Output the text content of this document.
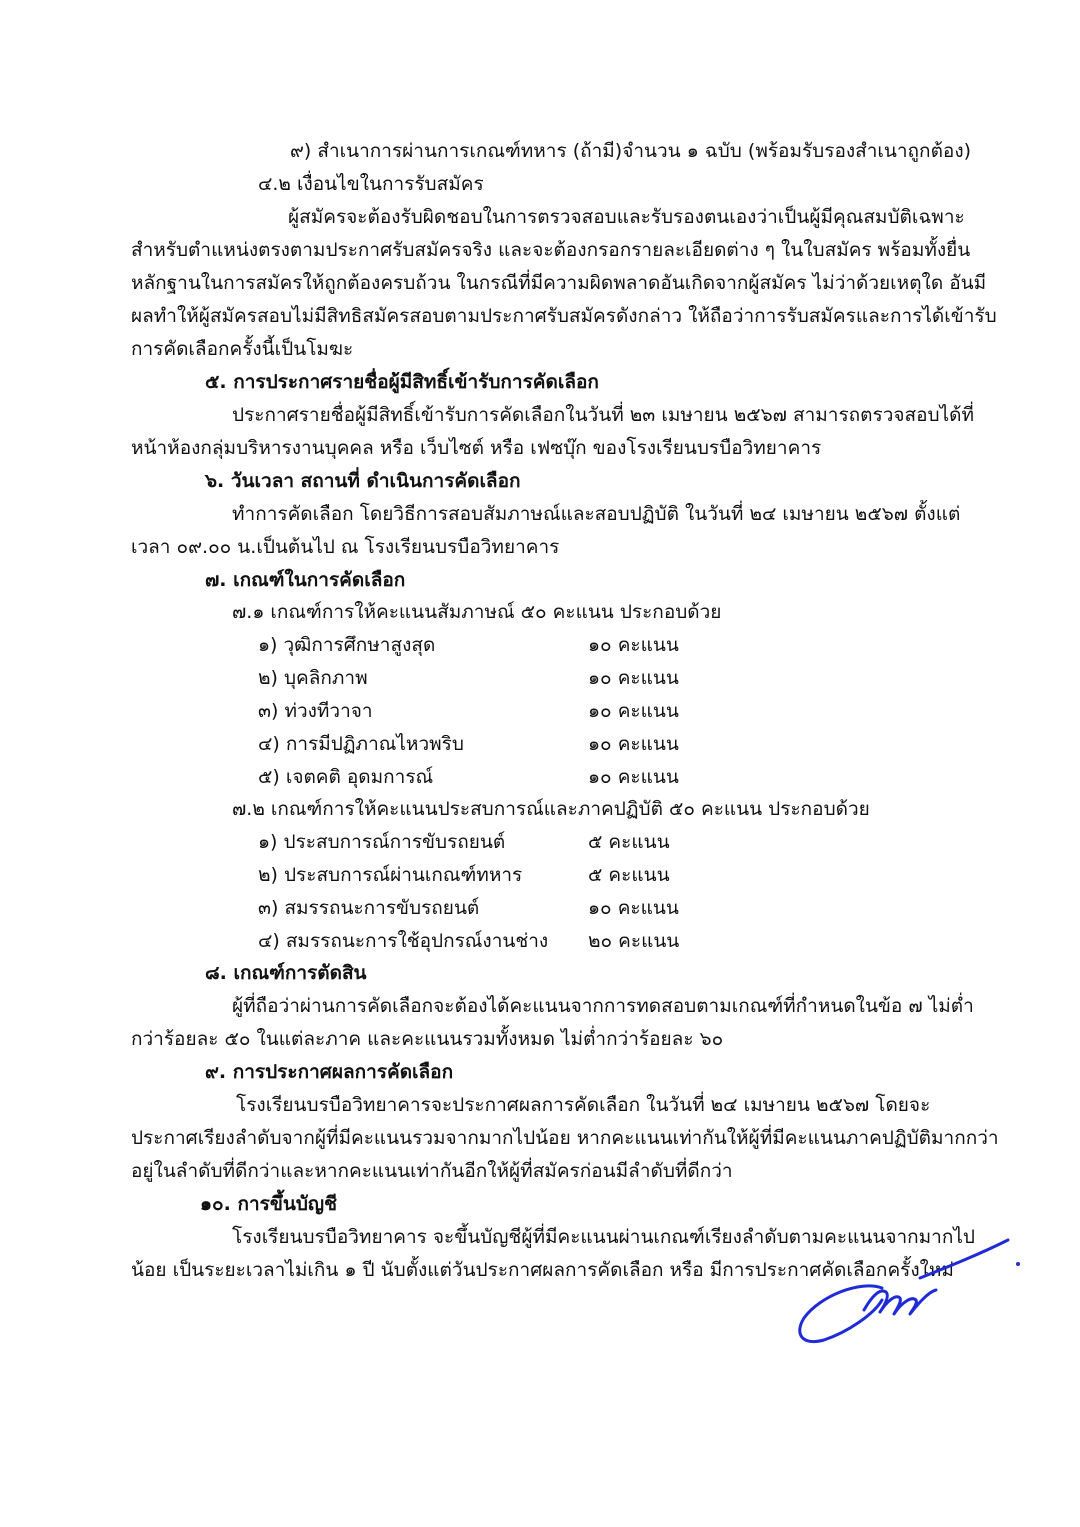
๙) สำเนาการผ่านการเกณฑ์ทหาร (ถ้ามี)จำนวน ๑ ฉบับ (พร้อมรับรองสำเนาถูกต้อง)
๔.๒ เงื่อนไขในการรับสมัคร
ผู้สมัครจะต้องรับผิดชอบในการตรวจสอบและรับรองตนเองว่าเป็นผู้มีคุณสมบัติเฉพาะ
สำหรับตำแหน่งตรงตามประกาศรับสมัครจริง และจะต้องกรอกรายละเอียดต่าง ๆ ในใบสมัคร พร้อมทั้งยื่น
หลักฐานในการสมัครให้ถูกต้องครบถ้วน ในกรณีที่มีความผิดพลาดอันเกิดจากผู้สมัคร ไม่ว่าด้วยเหตุใด อันมี
ผลทำให้ผู้สมัครสอบไม่มีสิทธิสมัครสอบตามประกาศรับสมัครดังกล่าว ให้ถือว่าการรับสมัครและการได้เข้ารับ
การคัดเลือกครั้งนี้เป็นโมฆะ
๕. การประกาศรายชื่อผู้มีสิทธิ์เข้ารับการคัดเลือก
ประกาศรายชื่อผู้มีสิทธิ์เข้ารับการคัดเลือกในวันที่ ๒๓ เมษายน ๒๕๖๗ สามารถตรวจสอบได้ที่
หน้าห้องกลุ่มบริหารงานบุคคล หรือ เว็บไซต์ หรือ เฟซบุ๊ก ของโรงเรียนบรบือวิทยาคาร
๖. วันเวลา สถานที่ ดำเนินการคัดเลือก
ทำการคัดเลือก โดยวิธีการสอบสัมภาษณ์และสอบปฏิบัติ ในวันที่ ๒๔ เมษายน ๒๕๖๗ ตั้งแต่
เวลา ๐๙.๐๐ น.เป็นต้นไป ณ โรงเรียนบรบือวิทยาคาร
๗. เกณฑ์ในการคัดเลือก
๗.๑ เกณฑ์การให้คะแนนสัมภาษณ์ ๕๐ คะแนน ประกอบด้วย
๑) วุฒิการศึกษาสูงสุด	๑๐ คะแนน
๒) บุคลิกภาพ	๑๐ คะแนน
๓) ท่วงทีวาจา	๑๐ คะแนน
๔) การมีปฏิภาณไหวพริบ	๑๐ คะแนน
๕) เจตคติ อุดมการณ์	๑๐ คะแนน
๗.๒ เกณฑ์การให้คะแนนประสบการณ์และภาคปฏิบัติ ๕๐ คะแนน ประกอบด้วย
๑) ประสบการณ์การขับรถยนต์	๕ คะแนน
๒) ประสบการณ์ผ่านเกณฑ์ทหาร	๕ คะแนน
๓) สมรรถนะการขับรถยนต์	๑๐ คะแนน
๔) สมรรถนะการใช้อุปกรณ์งานช่าง ๒๐ คะแนน
๘. เกณฑ์การตัดสิน
ผู้ที่ถือว่าผ่านการคัดเลือกจะต้องได้คะแนนจากการทดสอบตามเกณฑ์ที่กำหนดในข้อ ๗ ไม่ต่ำ
กว่าร้อยละ ๕๐ ในแต่ละภาค และคะแนนรวมทั้งหมด ไม่ต่ำกว่าร้อยละ ๖๐
๙. การประกาศผลการคัดเลือก
โรงเรียนบรบือวิทยาคารจะประกาศผลการคัดเลือก ในวันที่ ๒๔ เมษายน ๒๕๖๗ โดยจะ
ประกาศเรียงลำดับจากผู้ที่มีคะแนนรวมจากมากไปน้อย หากคะแนนเท่ากันให้ผู้ที่มีคะแนนภาคปฏิบัติมากกว่า
อยู่ในลำดับที่ดีกว่าและหากคะแนนเท่ากันอีกให้ผู้ที่สมัครก่อนมีลำดับที่ดีกว่า
๑๐. การขึ้นบัญชี
โรงเรียนบรบือวิทยาคาร จะขึ้นบัญชีผู้ที่มีคะแนนผ่านเกณฑ์เรียงลำดับตามคะแนนจากมากไป
น้อย เป็นระยะเวลาไม่เกิน ๑ ปี นับตั้งแต่วันประกาศผลการคัดเลือก หรือ มีการประกาศคัดเลือกครั้งใหม่
